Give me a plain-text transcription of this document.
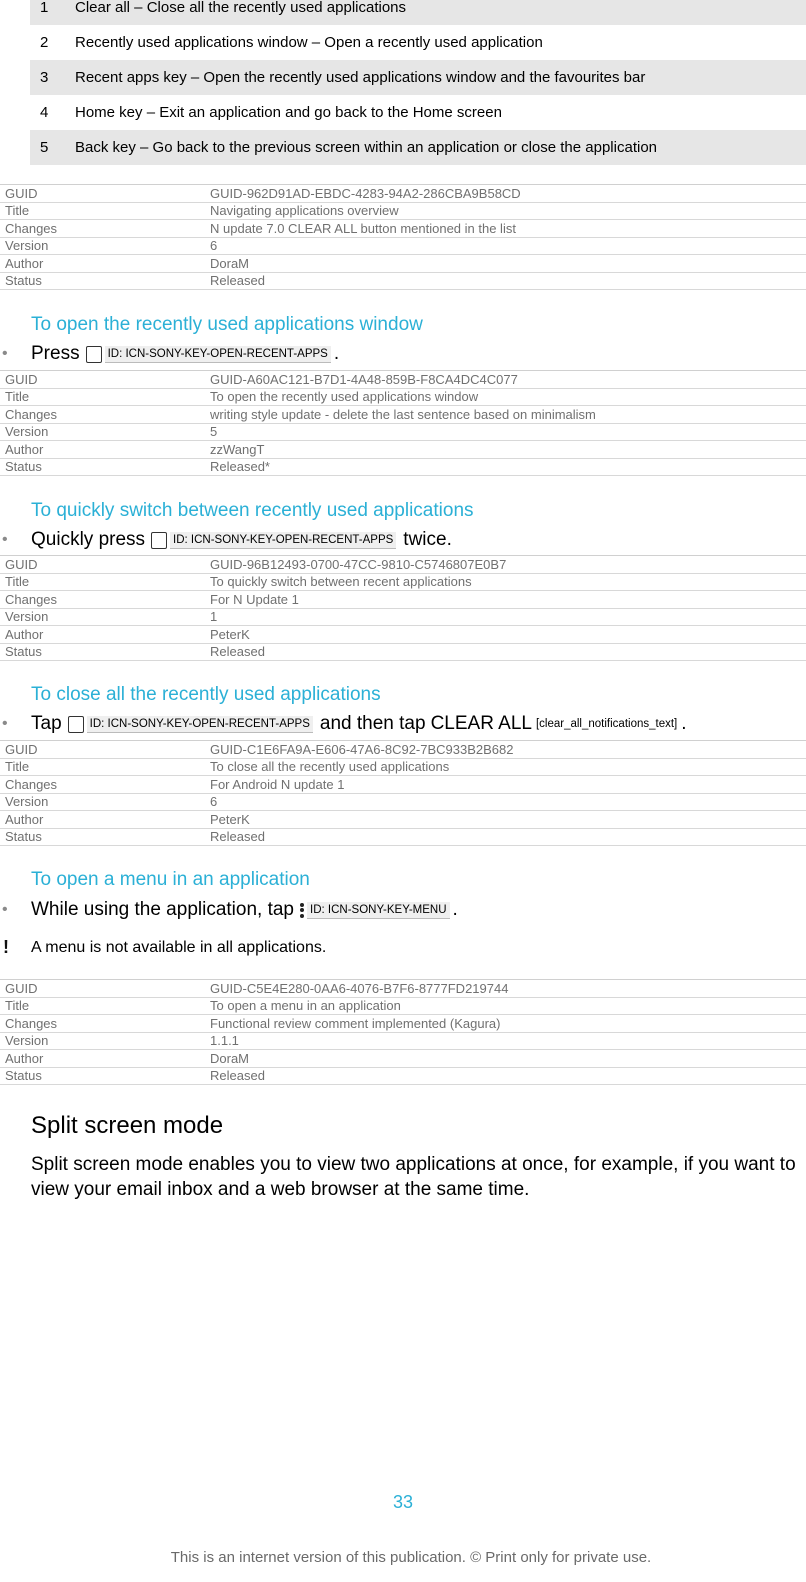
1	Clear all – Close all the recently used applications
2	Recently used applications window – Open a recently used application
3	Recent apps key – Open the recently used applications window and the favourites bar
4	Home key – Exit an application and go back to the Home screen
5	Back key – Go back to the previous screen within an application or close the application
GUID	GUID-962D91AD-EBDC-4283-94A2-286CBA9B58CD
Title	Navigating applications overview
Changes	N update 7.0 CLEAR ALL button mentioned in the list
Version	6
Author	DoraM
Status	Released
To open the recently used applications window
•	Press ID: ICN-SONY-KEY-OPEN-RECENT-APPS .
GUID	GUID-A60AC121-B7D1-4A48-859B-F8CA4DC4C077
Title	To open the recently used applications window
Changes	writing style update - delete the last sentence based on minimalism
Version	5
Author	zzWangT
Status	Released*
To quickly switch between recently used applications
•	Quickly press ID: ICN-SONY-KEY-OPEN-RECENT-APPS twice.
GUID	GUID-96B12493-0700-47CC-9810-C5746807E0B7
Title	To quickly switch between recent applications
Changes	For N Update 1
Version	1
Author	PeterK
Status	Released
To close all the recently used applications
•	Tap ID: ICN-SONY-KEY-OPEN-RECENT-APPS and then tap CLEAR ALL [clear_all_notifications_text] .
GUID	GUID-C1E6FA9A-E606-47A6-8C92-7BC933B2B682
Title	To close all the recently used applications
Changes	For Android N update 1
Version	6
Author	PeterK
Status	Released
To open a menu in an application
•	While using the application, tap ID: ICN-SONY-KEY-MENU .
!	A menu is not available in all applications.
GUID	GUID-C5E4E280-0AA6-4076-B7F6-8777FD219744
Title	To open a menu in an application
Changes	Functional review comment implemented (Kagura)
Version	1.1.1
Author	DoraM
Status	Released
Split screen mode
Split screen mode enables you to view two applications at once, for example, if you want to view your email inbox and a web browser at the same time.
33
This is an internet version of this publication. © Print only for private use.
